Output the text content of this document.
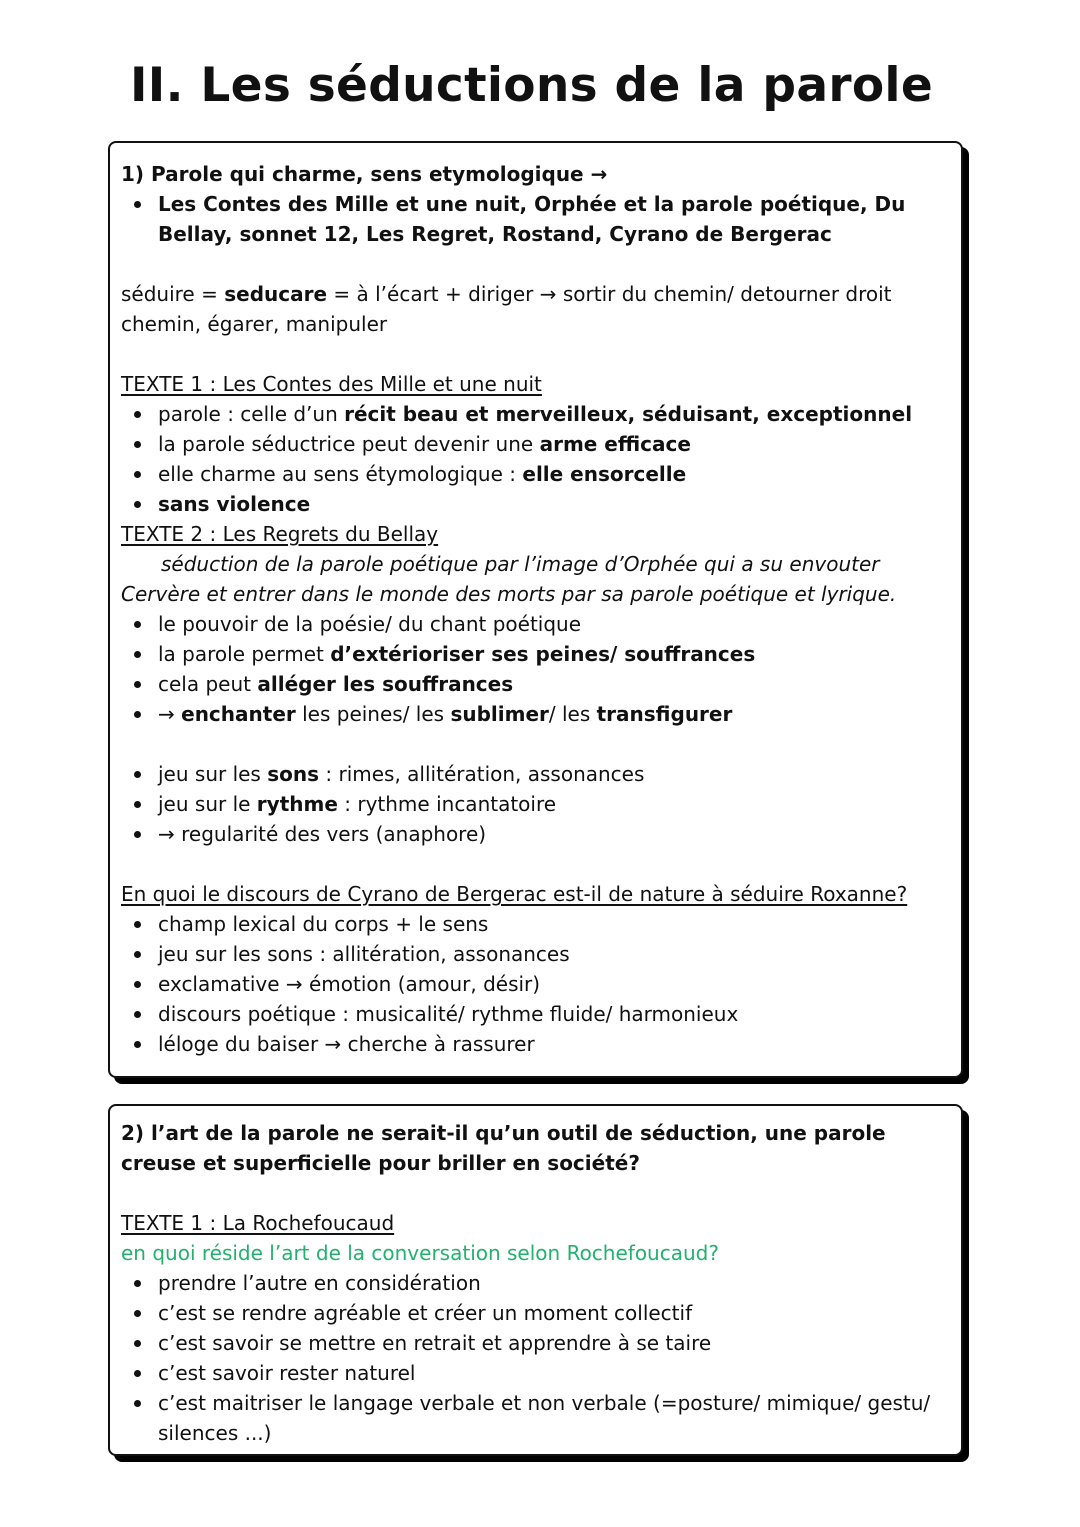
II. Les séductions de la parole
1) Parole qui charme, sens etymologique →
Les Contes des Mille et une nuit, Orphée et la parole poétique, Du Bellay, sonnet 12, Les Regret, Rostand, Cyrano de Bergerac
séduire = seducare = à l’écart + diriger → sortir du chemin/ detourner droit chemin, égarer, manipuler
TEXTE 1 : Les Contes des Mille et une nuit
parole : celle d’un récit beau et merveilleux, séduisant, exceptionnel
la parole séductrice peut devenir une arme efficace
elle charme au sens étymologique : elle ensorcelle
sans violence
TEXTE 2 : Les Regrets du Bellay
séduction de la parole poétique par l’image d’Orphée qui a su envouter Cervère et entrer dans le monde des morts par sa parole poétique et lyrique.
le pouvoir de la poésie/ du chant poétique
la parole permet d’extérioriser ses peines/ souffrances
cela peut alléger les souffrances
→ enchanter les peines/ les sublimer/ les transfigurer
jeu sur les sons : rimes, allitération, assonances
jeu sur le rythme : rythme incantatoire
→ regularité des vers (anaphore)
En quoi le discours de Cyrano de Bergerac est-il de nature à séduire Roxanne?
champ lexical du corps + le sens
jeu sur les sons : allitération, assonances
exclamative → émotion (amour, désir)
discours poétique : musicalité/ rythme fluide/ harmonieux
léloge du baiser → cherche à rassurer
2) l’art de la parole ne serait-il qu’un outil de séduction, une parole creuse et superficielle pour briller en société?
TEXTE 1 : La Rochefoucaud
en quoi réside l’art de la conversation selon Rochefoucaud?
prendre l’autre en considération
c’est se rendre agréable et créer un moment collectif
c’est savoir se mettre en retrait et apprendre à se taire
c’est savoir rester naturel
c’est maitriser le langage verbale et non verbale (=posture/ mimique/ gestu/ silences ...)
